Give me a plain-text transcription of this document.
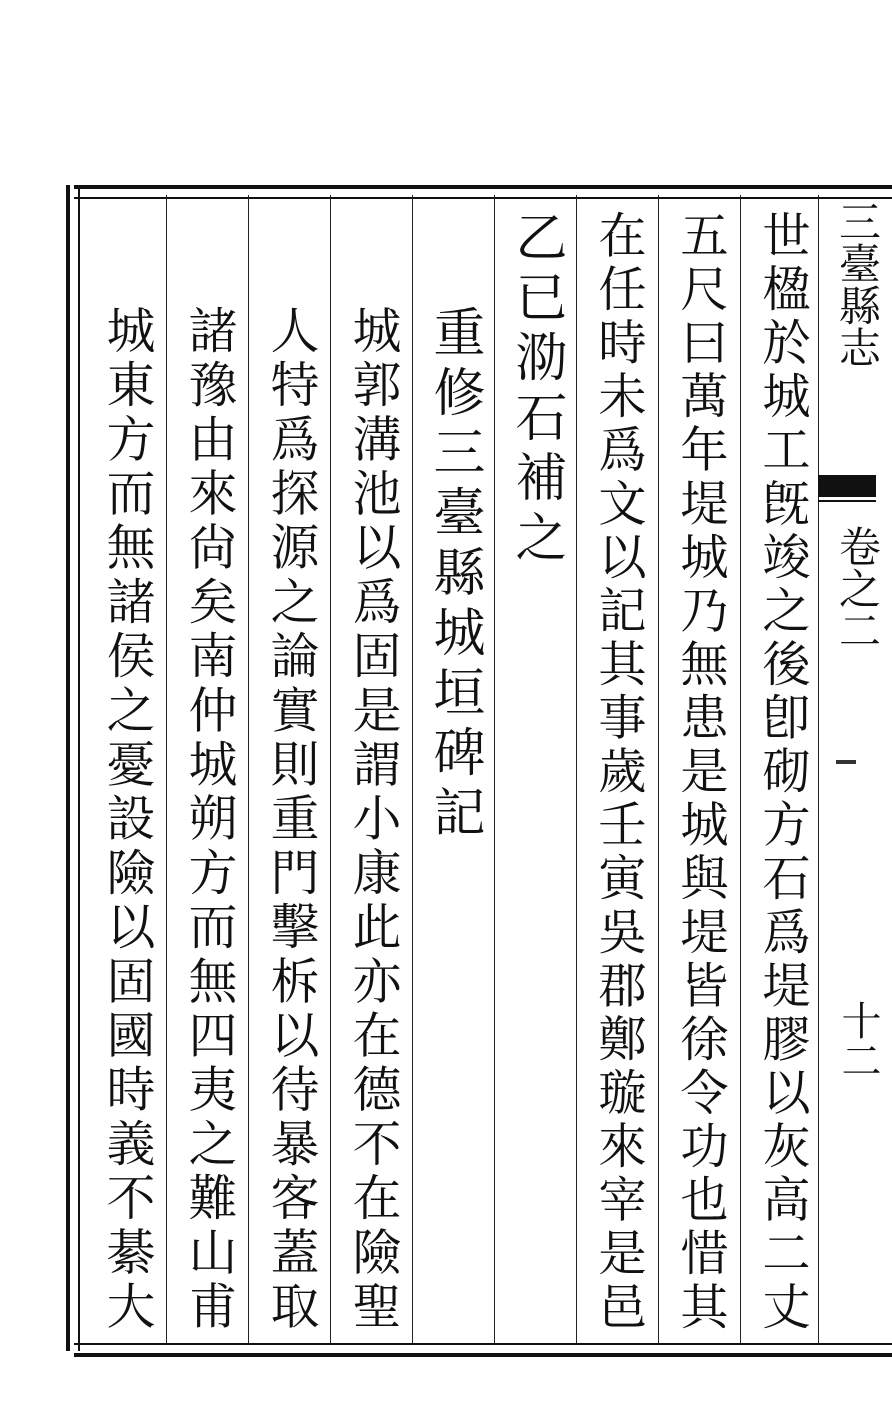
三臺縣志
卷之二
十二
世楹於城工旣竣之後卽砌方石爲堤膠以灰高二丈
五尺曰萬年堤城乃無患是城與堤皆徐令功也惜其
在任時未爲文以記其事歲壬寅吳郡鄭璇來宰是邑
乙已泐石補之
重修三臺縣城垣碑記
城郭溝池以爲固是謂小康此亦在德不在險聖
人特爲探源之論實則重門擊柝以待暴客蓋取
諸豫由來尙矣南仲城朔方而無四夷之難山甫
城東方而無諸侯之憂設險以固國時義不綦大
